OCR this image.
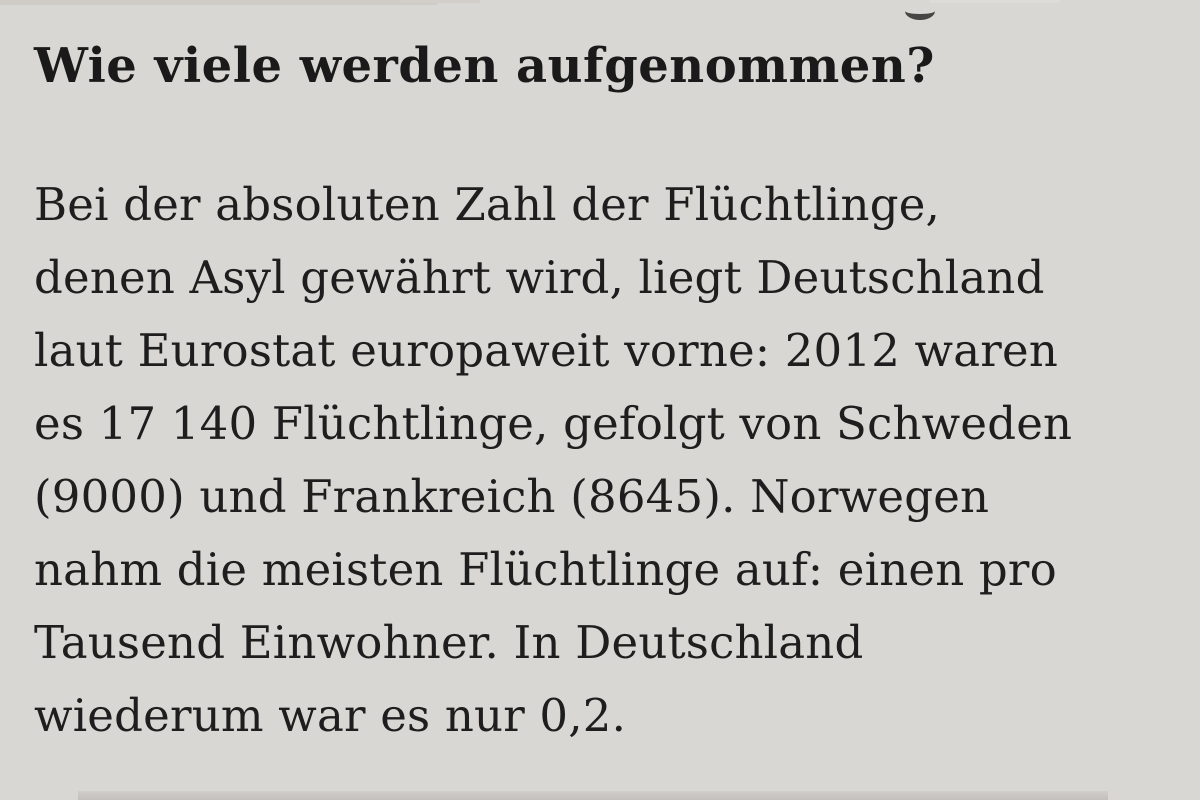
Wie viele werden aufgenommen?
Bei der absoluten Zahl der Flüchtlinge,
denen Asyl gewährt wird, liegt Deutschland
laut Eurostat europaweit vorne: 2012 waren
es 17 140 Flüchtlinge, gefolgt von Schweden
(9000) und Frankreich (8645). Norwegen
nahm die meisten Flüchtlinge auf: einen pro
Tausend Einwohner. In Deutschland
wiederum war es nur 0,2.
